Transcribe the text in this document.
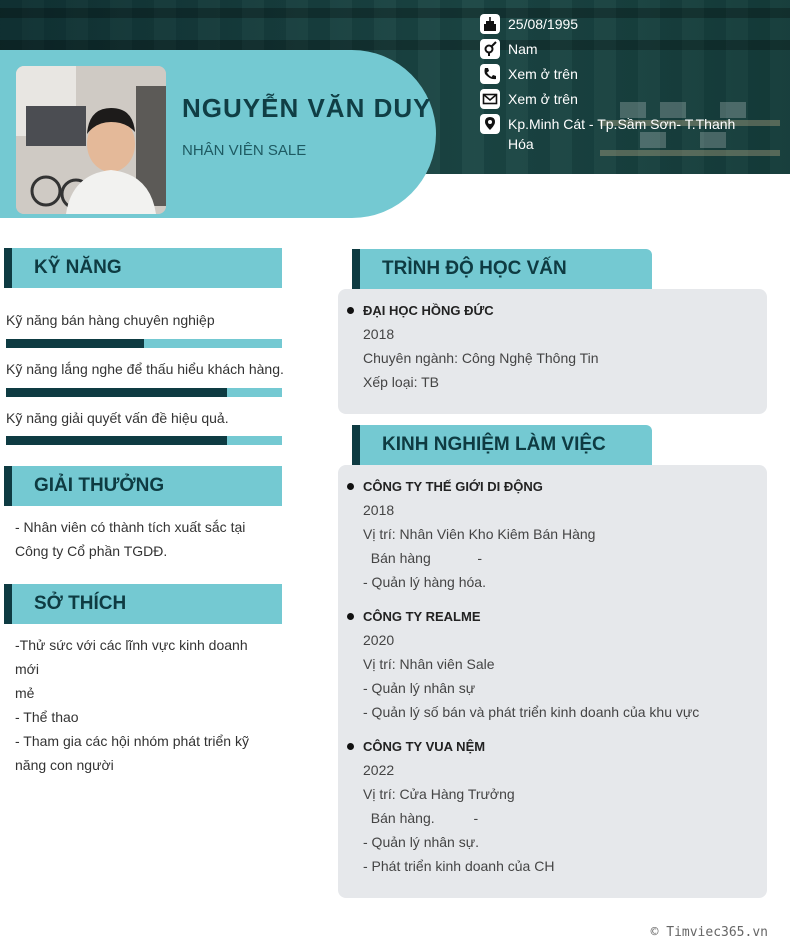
NGUYỄN VĂN DUY
NHÂN VIÊN SALE
25/08/1995
Nam
Xem ở trên
Xem ở trên
Kp.Minh Cát - Tp.Sầm Sơn- T.Thanh
Hóa
KỸ NĂNG
Kỹ năng bán hàng chuyên nghiệp
Kỹ năng lắng nghe để thấu hiểu khách hàng.
Kỹ năng giải quyết vấn đề hiệu quả.
GIẢI THƯỞNG
- Nhân viên có thành tích xuất sắc tại
Công ty Cổ phần TGDĐ.
SỞ THÍCH
-Thử sức với các lĩnh vực kinh doanh mới
mẻ
- Thể thao
- Tham gia các hội nhóm phát triển kỹ
năng con người
TRÌNH ĐỘ HỌC VẤN
ĐẠI HỌC HỒNG ĐỨC
2018
Chuyên ngành: Công Nghệ Thông Tin
Xếp loại: TB
KINH NGHIỆM LÀM VIỆC
CÔNG TY THẾ GIỚI DI ĐỘNG
2018
Vị trí: Nhân Viên Kho Kiêm Bán Hàng
Bán hàng            -
- Quản lý hàng hóa.
CÔNG TY REALME
2020
Vị trí: Nhân viên Sale
- Quản lý nhân sự
- Quản lý số bán và phát triển kinh doanh của khu vực
CÔNG TY VUA NỆM
2022
Vị trí: Cửa Hàng Trưởng
Bán hàng.          -
- Quản lý nhân sự.
- Phát triển kinh doanh của CH
© Timviec365.vn
